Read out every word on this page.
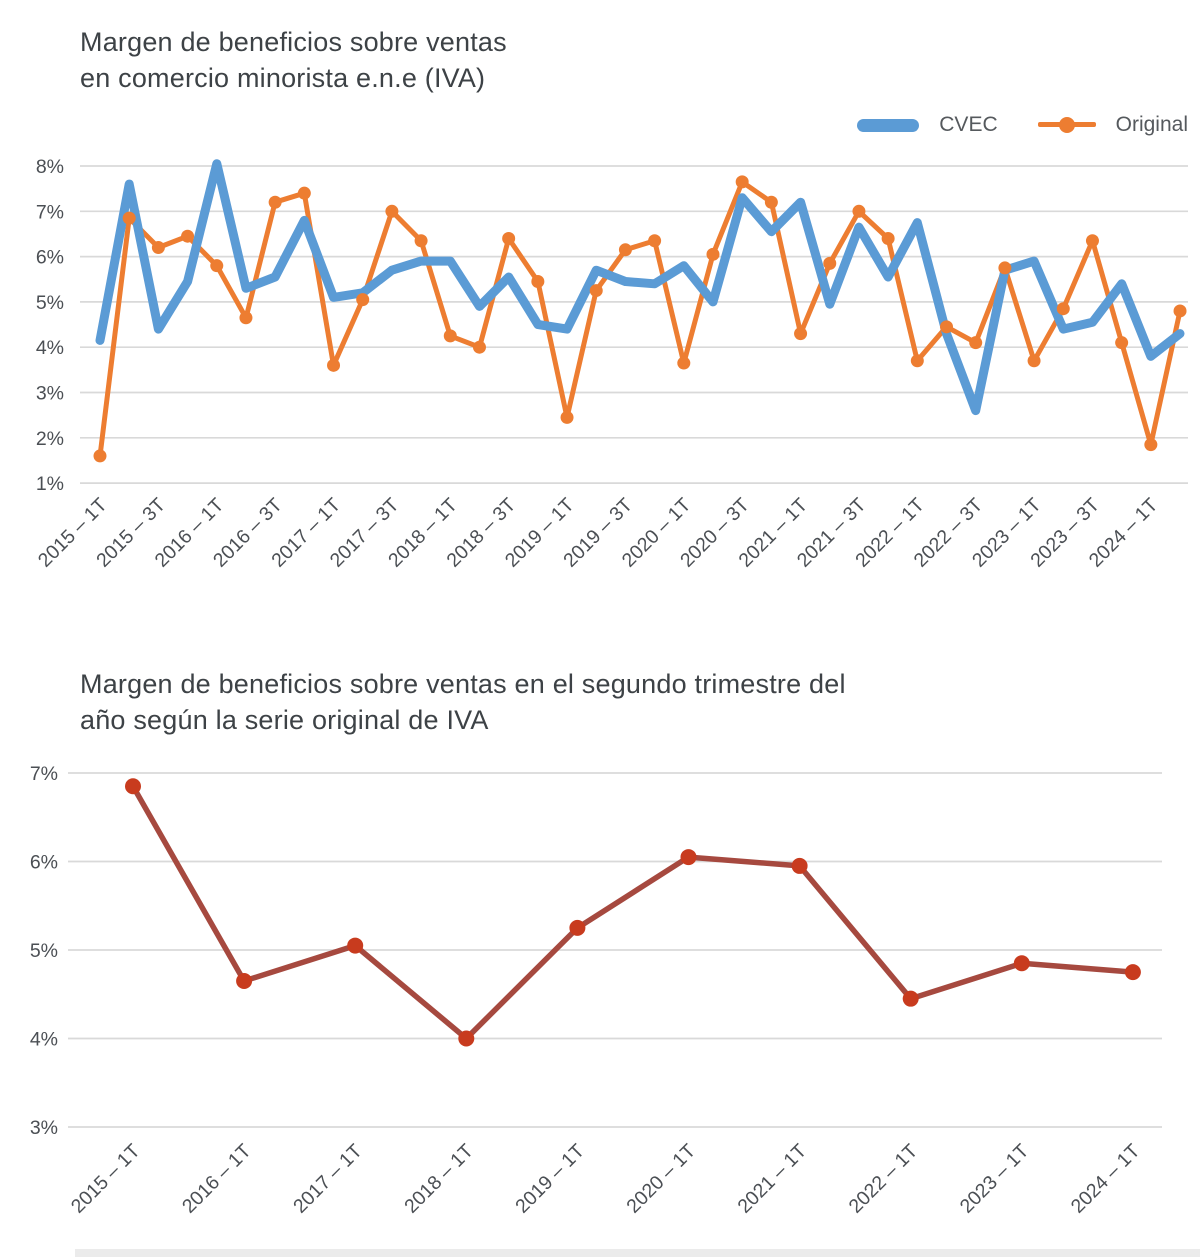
Margen de beneficios sobre ventas en comercio minorista e.n.e (IVA)
CVEC	Original
Margen de beneficios sobre ventas en el segundo trimestre del año según la serie original de IVA
8%
7%
6%
5%
4%
3%
2%
1%
2015 – 1T
2015 – 3T
2016 – 1T
2016 – 3T
2017 – 1T
2017 – 3T
2018 – 1T
2018 – 3T
2019 – 1T
2019 – 3T
2020 – 1T
2020 – 3T
2021 – 1T
2021 – 3T
2022 – 1T
2022 – 3T
2023 – 1T
2023 – 3T
2024 – 1T
7%
6%
5%
4%
3%
2015 – 1T 2016 – 1T 2017 – 1T 2018 – 1T 2019 – 1T 2020 – 1T 2021 – 1T 2022 – 1T 2023 – 1T 2024 – 1T
